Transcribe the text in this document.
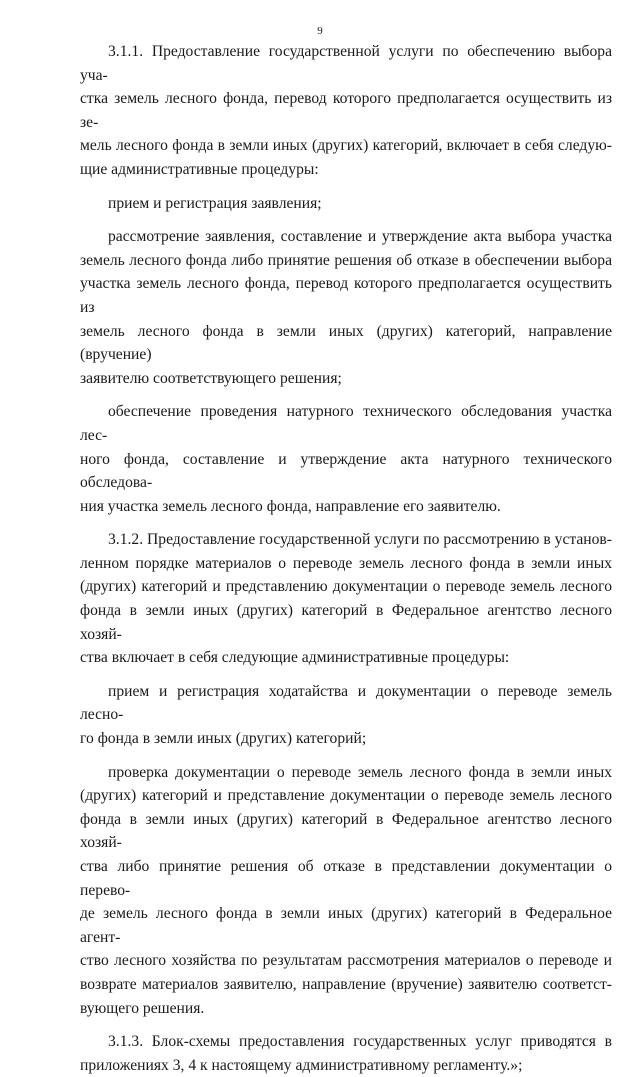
9
3.1.1. Предоставление государственной услуги по обеспечению выбора уча-
стка земель лесного фонда, перевод которого предполагается осуществить из зе-
мель лесного фонда в земли иных (других) категорий, включает в себя следую-
щие административные процедуры:
прием и регистрация заявления;
рассмотрение заявления, составление и утверждение акта выбора участка
земель лесного фонда либо принятие решения об отказе в обеспечении выбора
участка земель лесного фонда, перевод которого предполагается осуществить из
земель лесного фонда в земли иных (других) категорий, направление (вручение)
заявителю соответствующего решения;
обеспечение проведения натурного технического обследования участка лес-
ного фонда, составление и утверждение акта натурного технического обследова-
ния участка земель лесного фонда, направление его заявителю.
3.1.2. Предоставление государственной услуги по рассмотрению в установ-
ленном порядке материалов о переводе земель лесного фонда в земли иных
(других) категорий и представлению документации о переводе земель лесного
фонда в земли иных (других) категорий в Федеральное агентство лесного хозяй-
ства включает в себя следующие административные процедуры:
прием и регистрация ходатайства и документации о переводе земель лесно-
го фонда в земли иных (других) категорий;
проверка документации о переводе земель лесного фонда в земли иных
(других) категорий и представление документации о переводе земель лесного
фонда в земли иных (других) категорий в Федеральное агентство лесного хозяй-
ства либо принятие решения об отказе в представлении документации о перево-
де земель лесного фонда в земли иных (других) категорий в Федеральное агент-
ство лесного хозяйства по результатам рассмотрения материалов о переводе и
возврате материалов заявителю, направление (вручение) заявителю соответст-
вующего решения.
3.1.3. Блок-схемы предоставления государственных услуг приводятся в
приложениях 3, 4 к настоящему административному регламенту.»;
